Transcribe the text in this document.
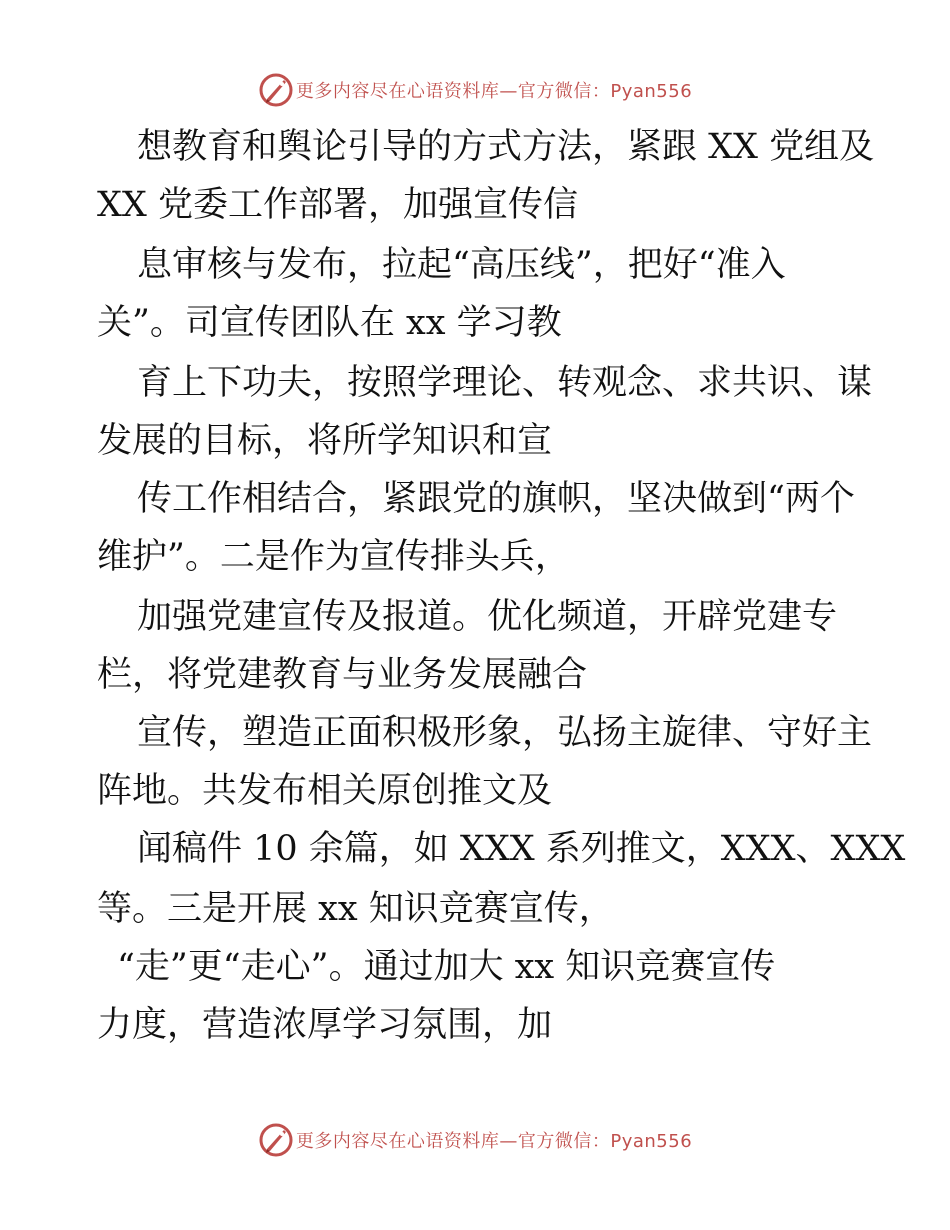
更多内容尽在心语资料库—官方微信：Pyan556
想教育和舆论引导的方式方法，紧跟 XX 党组及
XX 党委工作部署，加强宣传信
息审核与发布，拉起“高压线”，把好“准入
关”。司宣传团队在 xx 学习教
育上下功夫，按照学理论、转观念、求共识、谋
发展的目标，将所学知识和宣
传工作相结合，紧跟党的旗帜，坚决做到“两个
维护”。二是作为宣传排头兵，
加强党建宣传及报道。优化频道，开辟党建专
栏，将党建教育与业务发展融合
宣传，塑造正面积极形象，弘扬主旋律、守好主
阵地。共发布相关原创推文及
闻稿件 10 余篇，如 XXX 系列推文，XXX、XXX
等。三是开展 xx 知识竞赛宣传，
“走”更“走心”。通过加大 xx 知识竞赛宣传
力度，营造浓厚学习氛围，加
更多内容尽在心语资料库—官方微信：Pyan556
